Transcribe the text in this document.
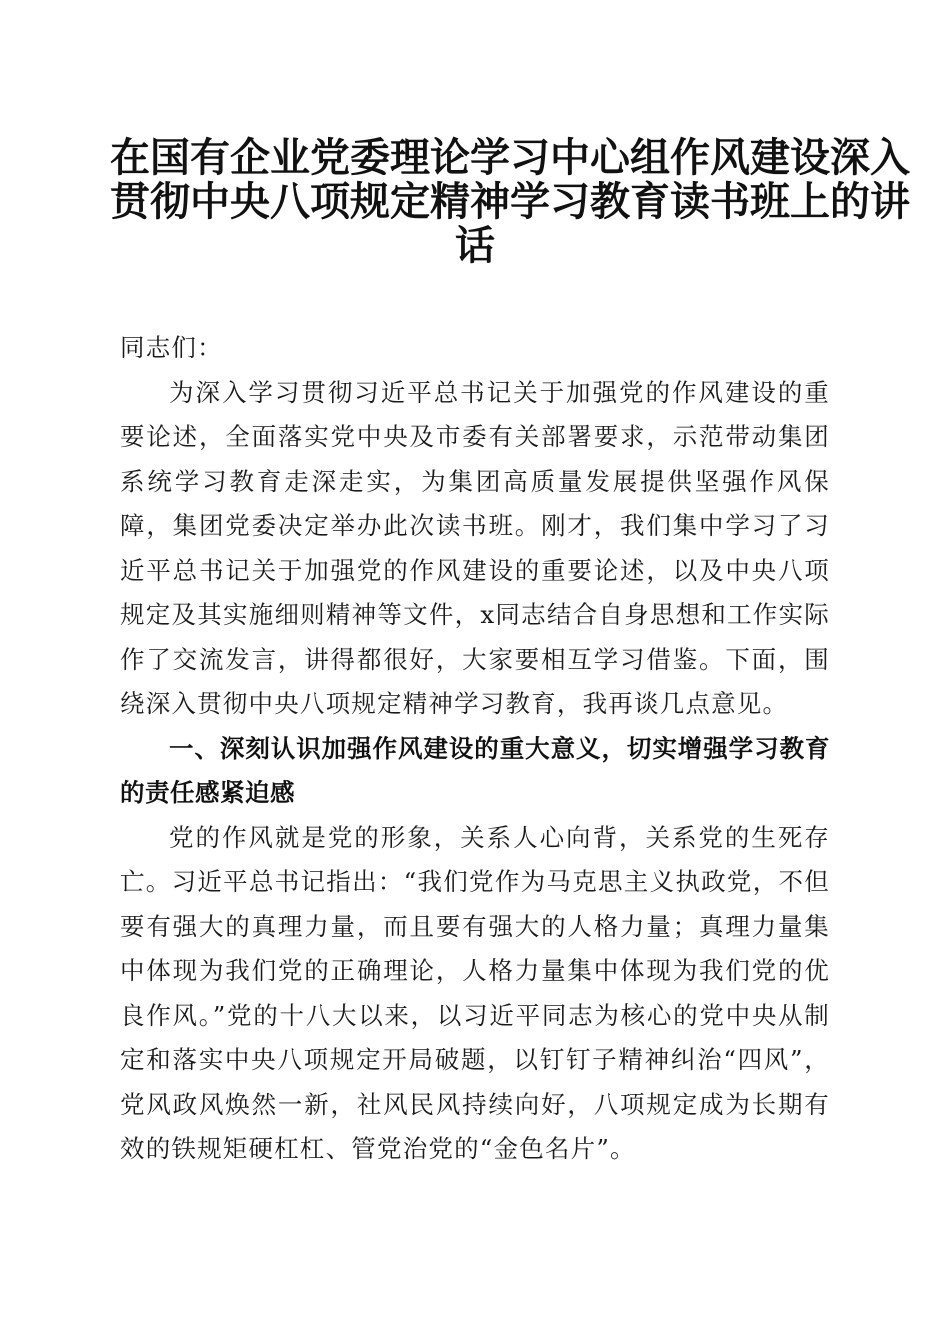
在国有企业党委理论学习中心组作风建设深入
贯彻中央八项规定精神学习教育读书班上的讲
话

同志们：

为深入学习贯彻习近平总书记关于加强党的作风建设的重要论述，全面落实党中央及市委有关部署要求，示范带动集团系统学习教育走深走实，为集团高质量发展提供坚强作风保障，集团党委决定举办此次读书班。刚才，我们集中学习了习近平总书记关于加强党的作风建设的重要论述，以及中央八项规定及其实施细则精神等文件，x同志结合自身思想和工作实际作了交流发言，讲得都很好，大家要相互学习借鉴。下面，围绕深入贯彻中央八项规定精神学习教育，我再谈几点意见。

一、深刻认识加强作风建设的重大意义，切实增强学习教育的责任感紧迫感

党的作风就是党的形象，关系人心向背，关系党的生死存亡。习近平总书记指出：“我们党作为马克思主义执政党，不但要有强大的真理力量，而且要有强大的人格力量；真理力量集中体现为我们党的正确理论，人格力量集中体现为我们党的优良作风。”党的十八大以来，以习近平同志为核心的党中央从制定和落实中央八项规定开局破题，以钉钉子精神纠治“四风”，党风政风焕然一新，社风民风持续向好，八项规定成为长期有效的铁规矩硬杠杠、管党治党的“金色名片”。
